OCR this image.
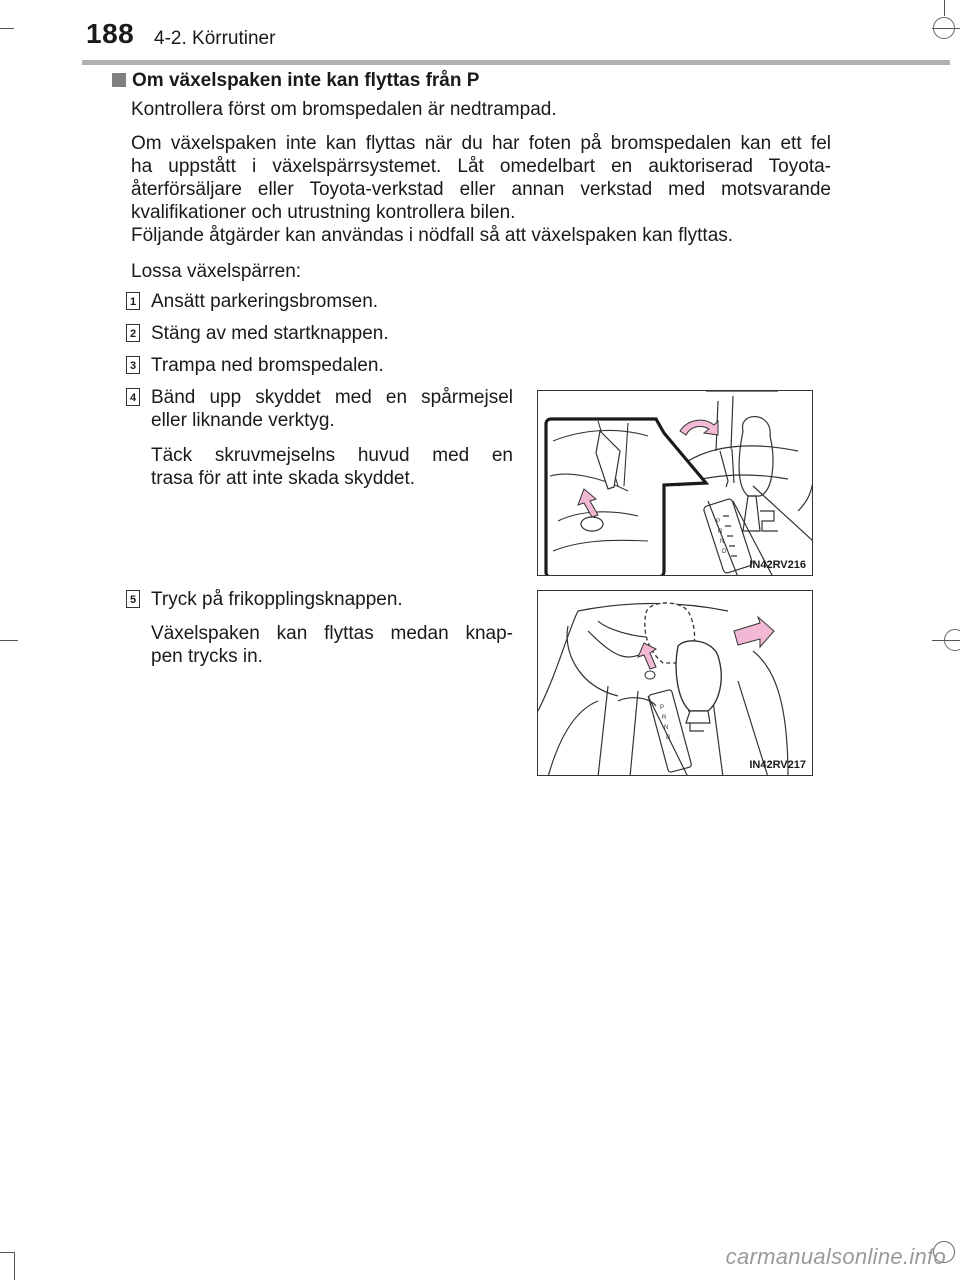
188 4-2. Körrutiner
Om växelspaken inte kan flyttas från P
Kontrollera först om bromspedalen är nedtrampad.
Om växelspaken inte kan flyttas när du har foten på bromspedalen kan ett fel
ha uppstått i växelspärrsystemet. Låt omedelbart en auktoriserad Toyota-
återförsäljare eller Toyota-verkstad eller annan verkstad med motsvarande
kvalifikationer och utrustning kontrollera bilen.
Följande åtgärder kan användas i nödfall så att växelspaken kan flyttas.
Lossa växelspärren:
1 Ansätt parkeringsbromsen.
2 Stäng av med startknappen.
3 Trampa ned bromspedalen.
4 Bänd upp skyddet med en spårmejsel
eller liknande verktyg.
Täck skruvmejselns huvud med en
trasa för att inte skada skyddet.
P
R
N
D
IN42RV216
5 Tryck på frikopplingsknappen.
Växelspaken kan flyttas medan knap-
pen trycks in.
P
R
N
D
IN42RV217
carmanualsonline.info
